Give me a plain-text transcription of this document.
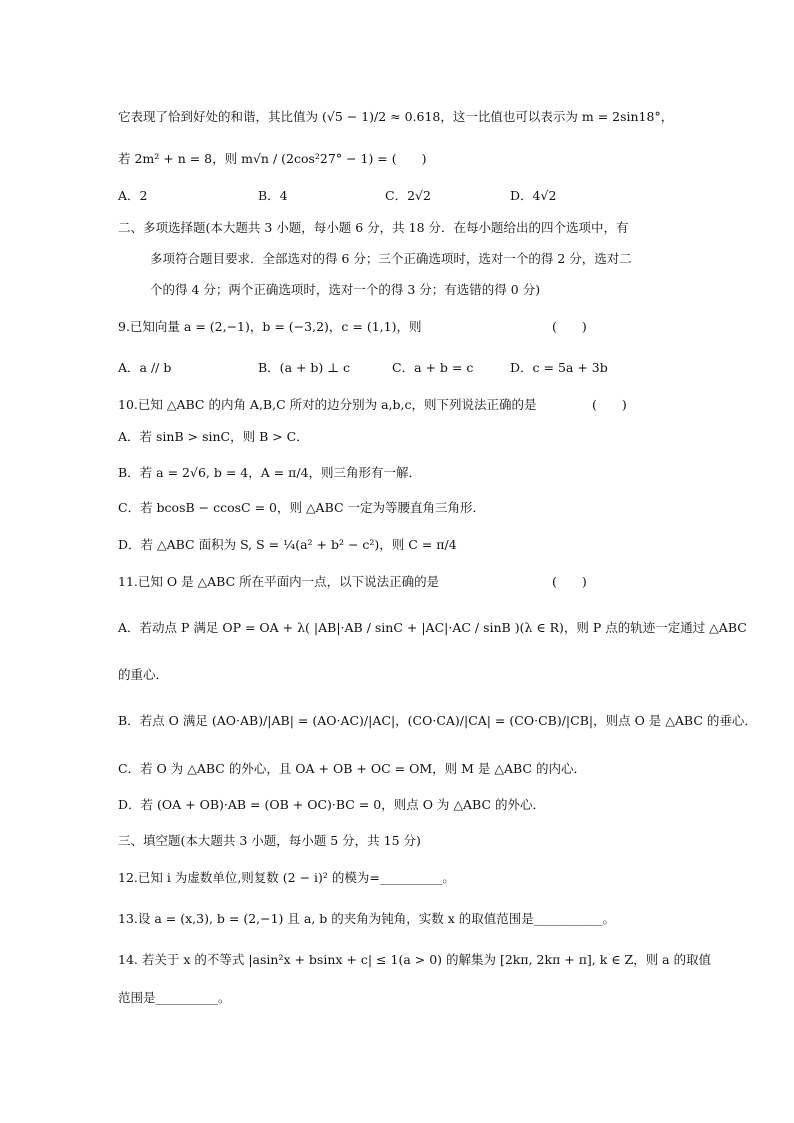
它表现了恰到好处的和谐，其比值为 (√5 − 1)/2 ≈ 0.618，这一比值也可以表示为 m = 2sin18°，
若 2m² + n = 8，则 m√n / (2cos²27° − 1) = (　　)
A．2	B．4	C．2√2	D．4√2
二、多项选择题(本大题共 3 小题，每小题 6 分，共 18 分．在每小题给出的四个选项中，有
多项符合题目要求．全部选对的得 6 分；三个正确选项时，选对一个的得 2 分，选对二
个的得 4 分；两个正确选项时，选对一个的得 3 分；有选错的得 0 分)
9.已知向量 a = (2,−1)，b = (−3,2)，c = (1,1)，则	(　　)
A．a // b	B．(a + b) ⊥ c	C．a + b = c	D．c = 5a + 3b
10.已知 △ABC 的内角 A,B,C 所对的边分别为 a,b,c，则下列说法正确的是	(　　)
A．若 sinB > sinC，则 B > C．
B．若 a = 2√6, b = 4，A = π/4，则三角形有一解．
C．若 bcosB − ccosC = 0，则 △ABC 一定为等腰直角三角形．
D．若 △ABC 面积为 S, S = ¼(a² + b² − c²)，则 C = π/4
11.已知 O 是 △ABC 所在平面内一点，以下说法正确的是	(　　)
A．若动点 P 满足 OP = OA + λ( |AB|·AB / sinC + |AC|·AC / sinB )(λ ∈ R)，则 P 点的轨迹一定通过 △ABC
的重心．
B．若点 O 满足 (AO·AB)/|AB| = (AO·AC)/|AC|，(CO·CA)/|CA| = (CO·CB)/|CB|，则点 O 是 △ABC 的垂心．
C．若 O 为 △ABC 的外心，且 OA + OB + OC = OM，则 M 是 △ABC 的内心．
D．若 (OA + OB)·AB = (OB + OC)·BC = 0，则点 O 为 △ABC 的外心．
三、填空题(本大题共 3 小题，每小题 5 分，共 15 分)
12.已知 i 为虚数单位,则复数 (2 − i)² 的模为=__________。
13.设 a = (x,3), b = (2,−1) 且 a, b 的夹角为钝角，实数 x 的取值范围是___________。
14. 若关于 x 的不等式 |asin²x + bsinx + c| ≤ 1(a > 0) 的解集为 [2kπ, 2kπ + π], k ∈ Z，则 a 的取值
范围是__________。
